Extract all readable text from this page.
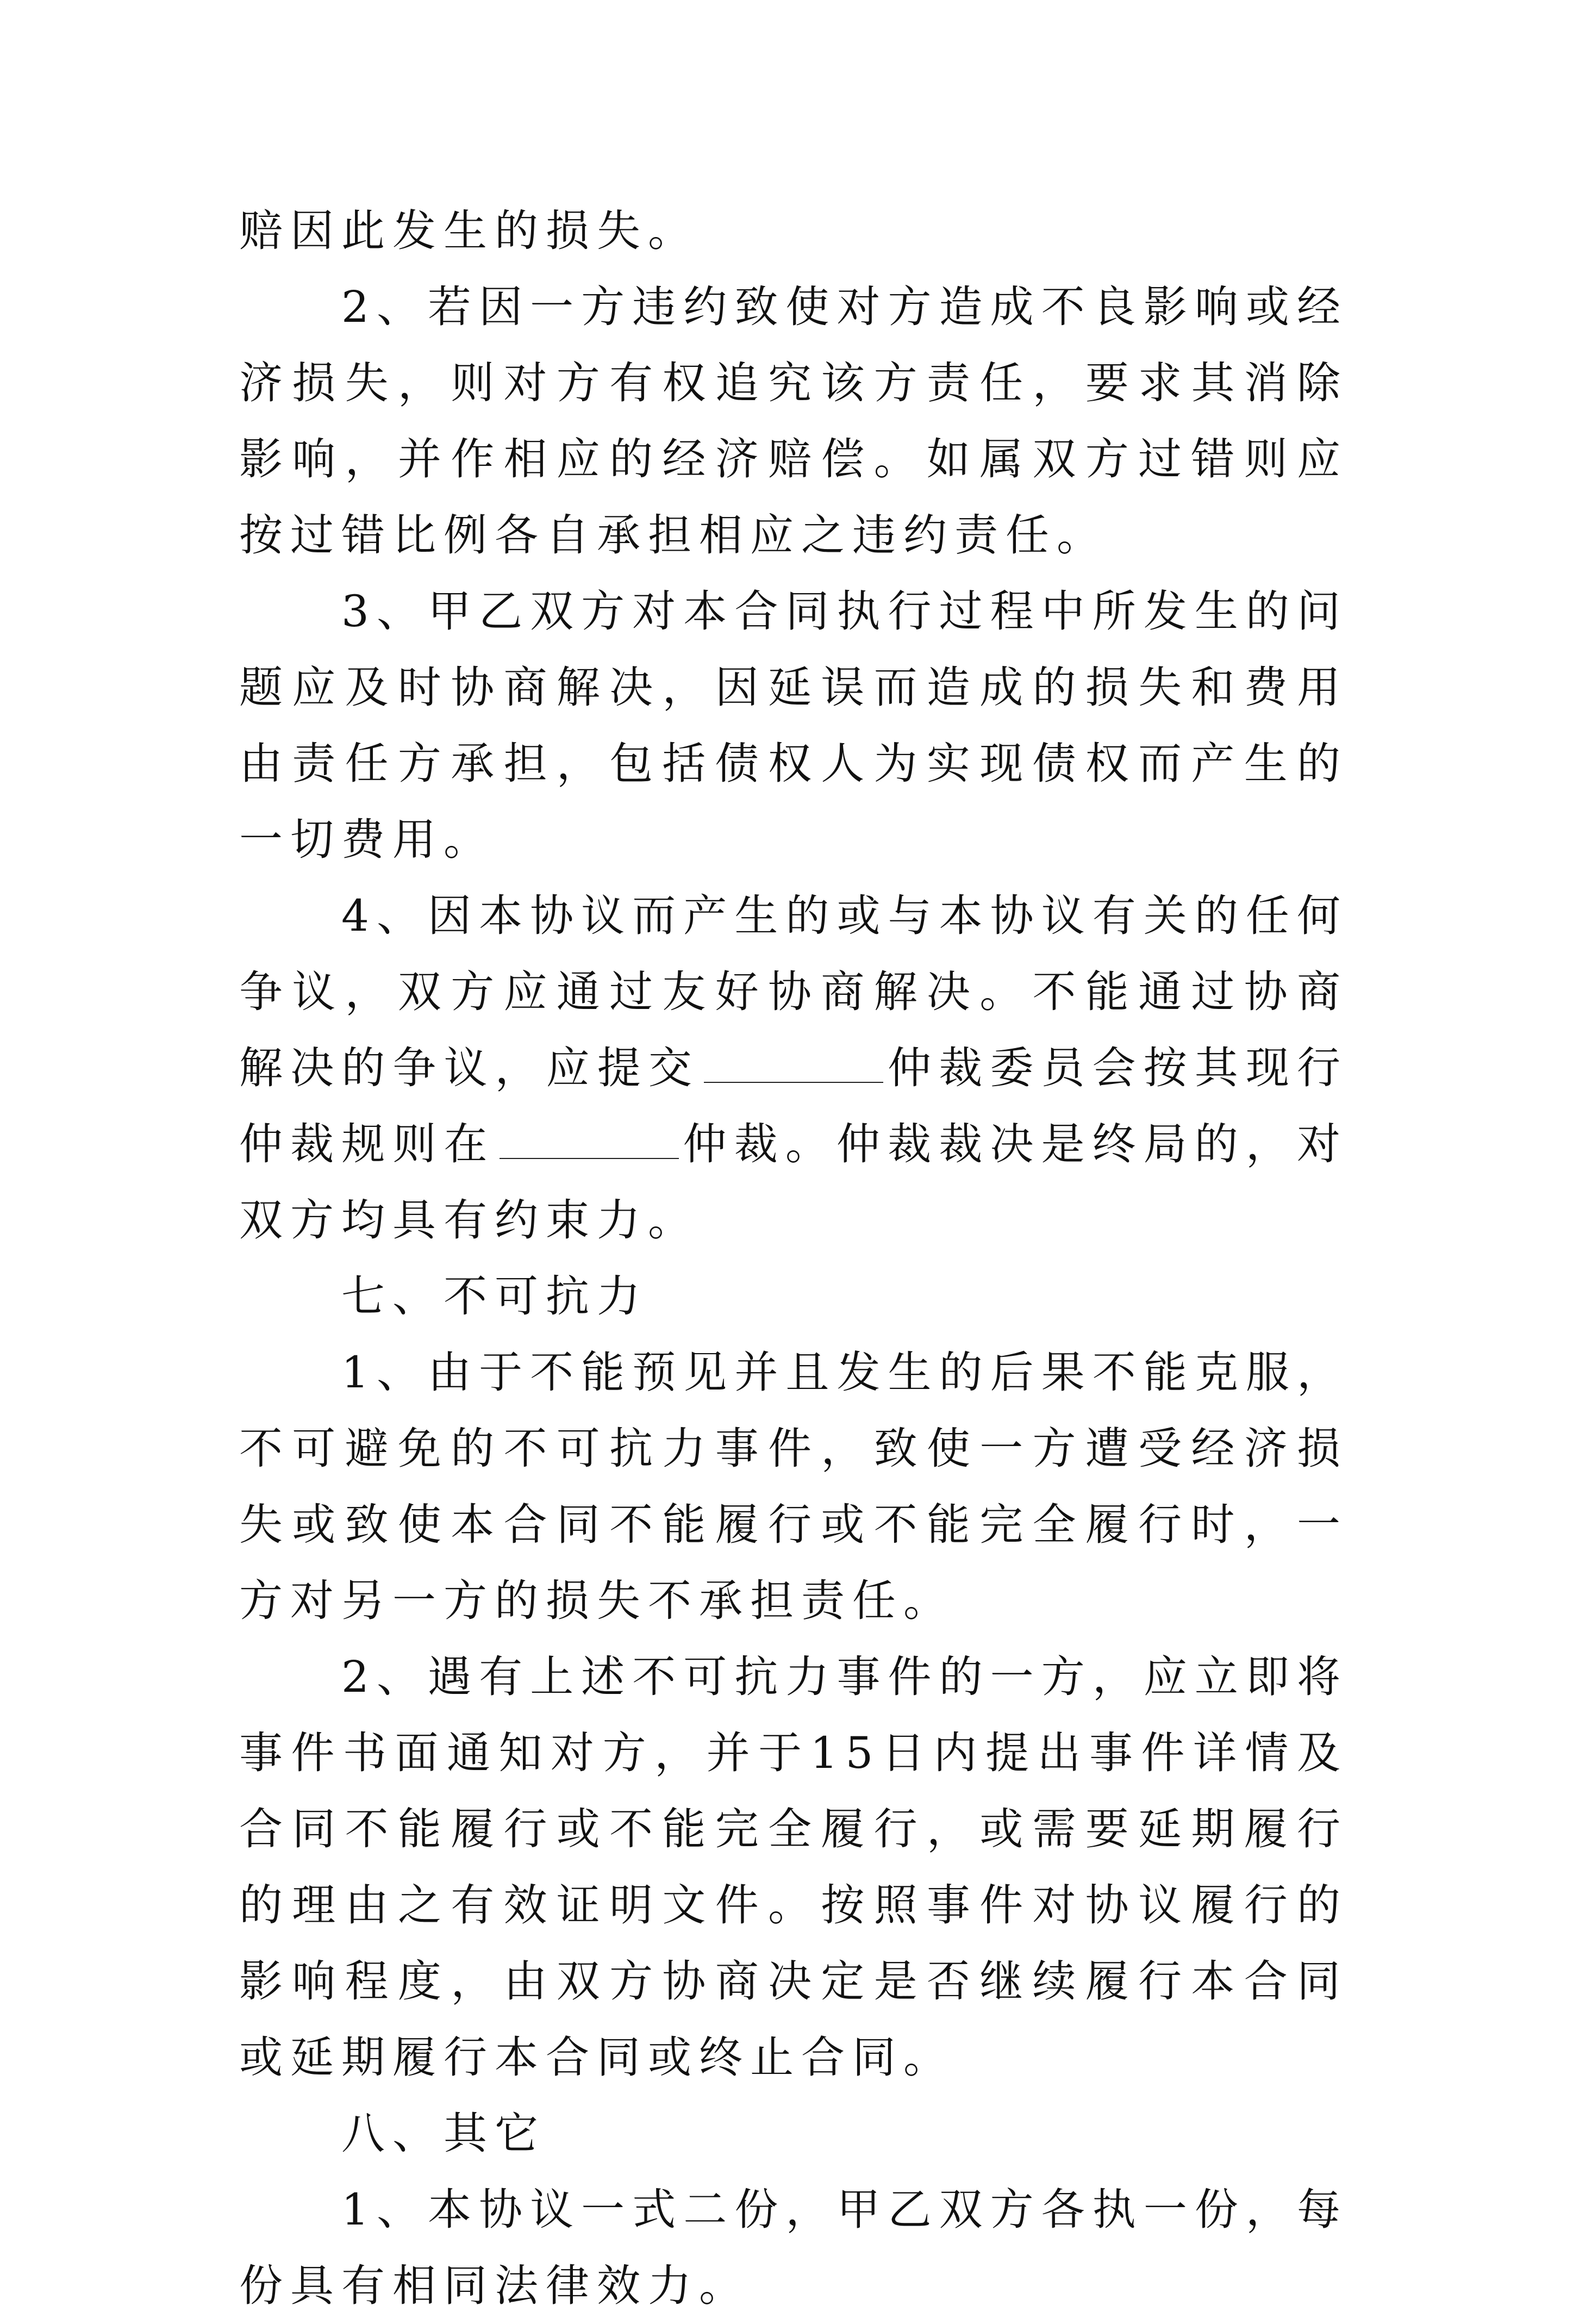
赔因此发生的损失。

2、若因一方违约致使对方造成不良影响或经济损失，则对方有权追究该方责任，要求其消除影响，并作相应的经济赔偿。如属双方过错则应按过错比例各自承担相应之违约责任。

3、甲乙双方对本合同执行过程中所发生的问题应及时协商解决，因延误而造成的损失和费用由责任方承担，包括债权人为实现债权而产生的一切费用。

4、因本协议而产生的或与本协议有关的任何争议，双方应通过友好协商解决。不能通过协商解决的争议，应提交	仲裁委员会按其现行仲裁规则在	仲裁。仲裁裁决是终局的，对双方均具有约束力。

七、不可抗力

1、由于不能预见并且发生的后果不能克服，不可避免的不可抗力事件，致使一方遭受经济损失或致使本合同不能履行或不能完全履行时，一方对另一方的损失不承担责任。

2、遇有上述不可抗力事件的一方，应立即将事件书面通知对方，并于15日内提出事件详情及合同不能履行或不能完全履行，或需要延期履行的理由之有效证明文件。按照事件对协议履行的影响程度，由双方协商决定是否继续履行本合同或延期履行本合同或终止合同。

八、其它

1、本协议一式二份，甲乙双方各执一份，每份具有相同法律效力。
